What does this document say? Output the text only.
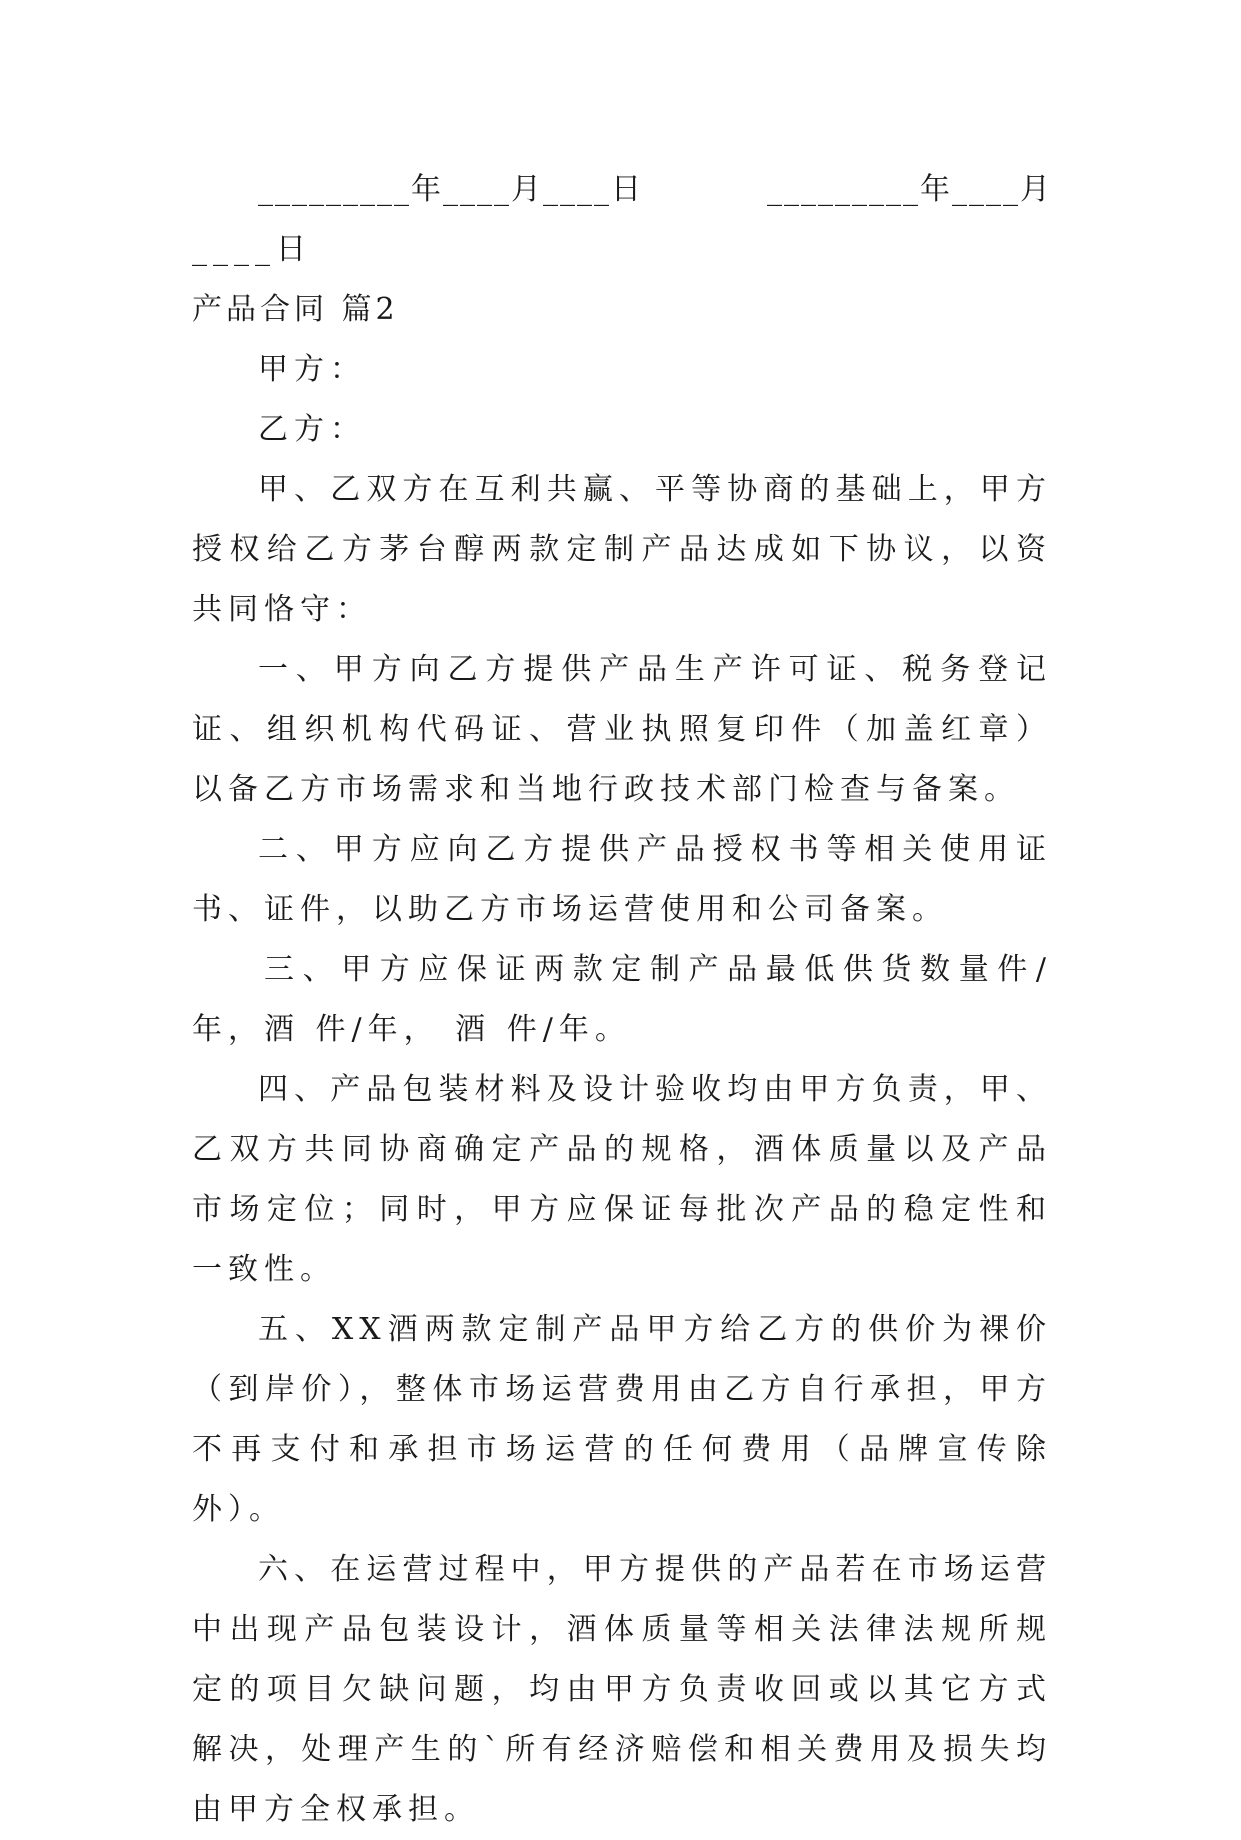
_________年____月____日	_________年____月

____日

产品合同 篇2

甲方：

乙方：

甲、乙双方在互利共赢、平等协商的基础上，甲方授权给乙方茅台醇两款定制产品达成如下协议，以资共同恪守：

一、甲方向乙方提供产品生产许可证、税务登记证、组织机构代码证、营业执照复印件（加盖红章）以备乙方市场需求和当地行政技术部门检查与备案。

二、甲方应向乙方提供产品授权书等相关使用证书、证件，以助乙方市场运营使用和公司备案。

三、甲方应保证两款定制产品最低供货数量件/年，酒 件/年， 酒 件/年。

四、产品包装材料及设计验收均由甲方负责，甲、乙双方共同协商确定产品的规格，酒体质量以及产品市场定位；同时，甲方应保证每批次产品的稳定性和一致性。

五、XX酒两款定制产品甲方给乙方的供价为裸价（到岸价），整体市场运营费用由乙方自行承担，甲方不再支付和承担市场运营的任何费用（品牌宣传除外）。

六、在运营过程中，甲方提供的产品若在市场运营中出现产品包装设计，酒体质量等相关法律法规所规定的项目欠缺问题，均由甲方负责收回或以其它方式解决，处理产生的`所有经济赔偿和相关费用及损失均由甲方全权承担。
